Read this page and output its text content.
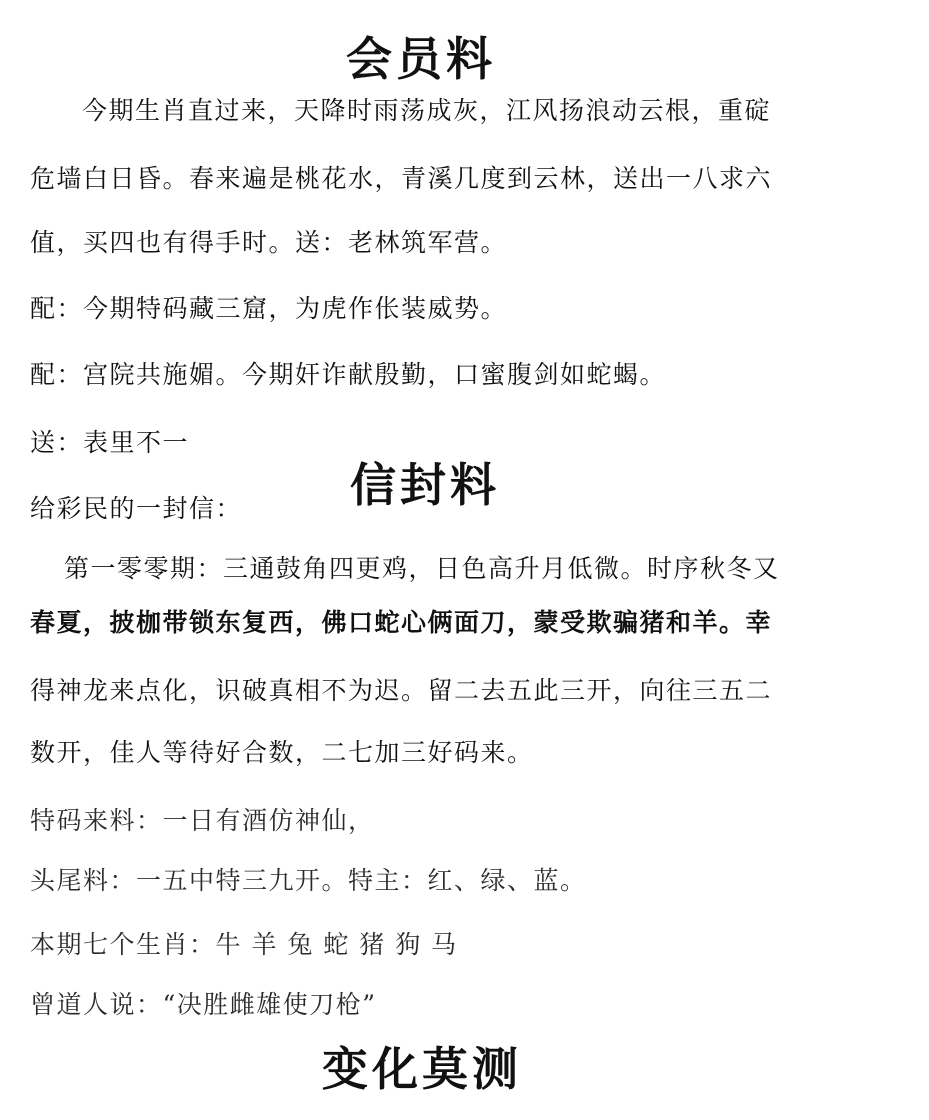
会员料
今期生肖直过来，天降时雨荡成灰，江风扬浪动云根，重碇
危墙白日昏。春来遍是桃花水，青溪几度到云林，送出一八求六
值，买四也有得手时。送：老林筑军营。
配：今期特码藏三窟，为虎作伥装威势。
配：宫院共施媚。今期奸诈献殷勤，口蜜腹剑如蛇蝎。
送：表里不一
信封料
给彩民的一封信：
第一零零期：三通鼓角四更鸡，日色高升月低微。时序秋冬又
春夏，披枷带锁东复西，佛口蛇心俩面刀，蒙受欺骗猪和羊。幸
得神龙来点化，识破真相不为迟。留二去五此三开，向往三五二
数开，佳人等待好合数，二七加三好码来。
特码来料：一日有酒仿神仙，
头尾料：一五中特三九开。特主：红、绿、蓝。
本期七个生肖：牛 羊 兔 蛇 猪 狗 马
曾道人说：“决胜雌雄使刀枪”
变化莫测
